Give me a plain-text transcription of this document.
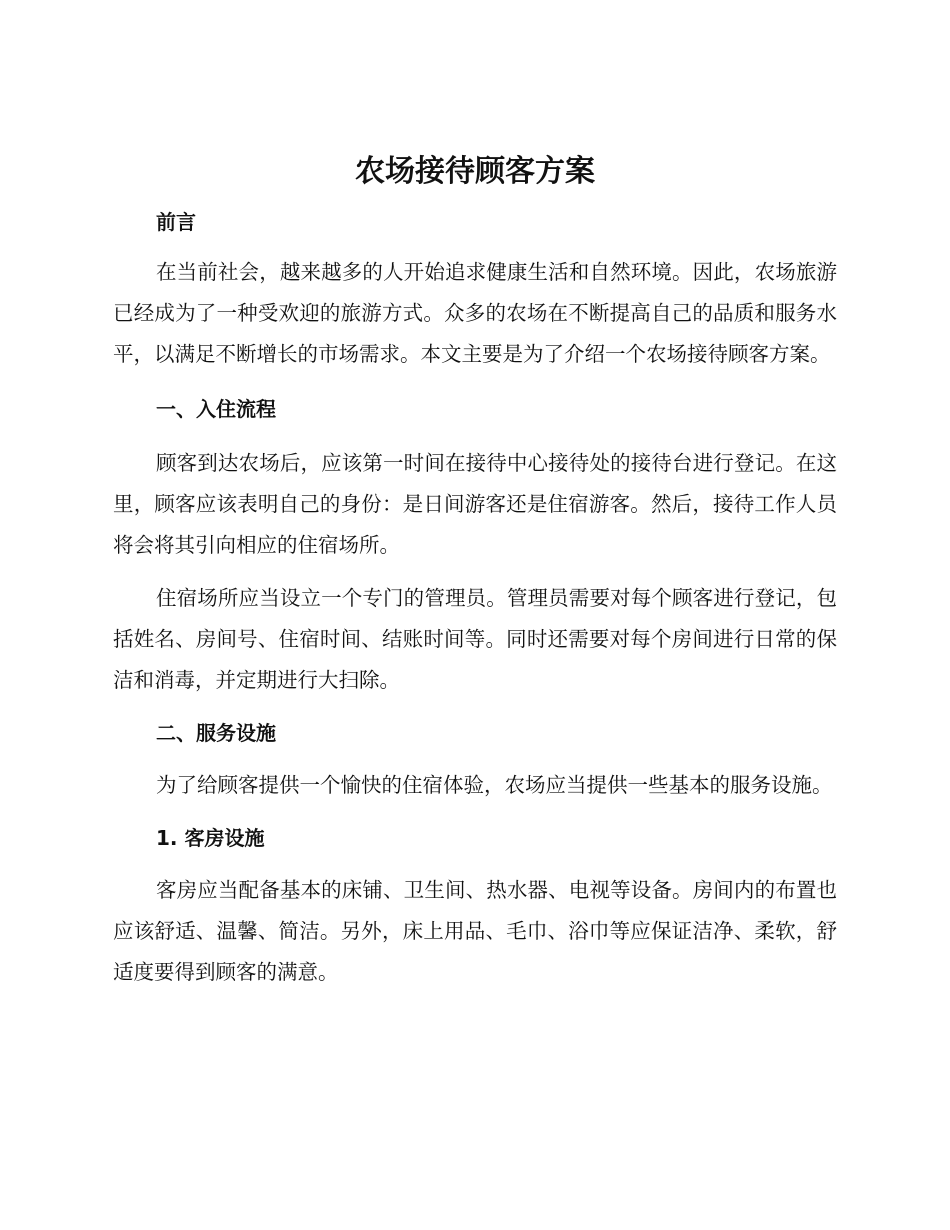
农场接待顾客方案
前言

在当前社会，越来越多的人开始追求健康生活和自然环境。因此，农场旅游已经成为了一种受欢迎的旅游方式。众多的农场在不断提高自己的品质和服务水平，以满足不断增长的市场需求。本文主要是为了介绍一个农场接待顾客方案。

一、入住流程

顾客到达农场后，应该第一时间在接待中心接待处的接待台进行登记。在这里，顾客应该表明自己的身份：是日间游客还是住宿游客。然后，接待工作人员将会将其引向相应的住宿场所。

住宿场所应当设立一个专门的管理员。管理员需要对每个顾客进行登记，包括姓名、房间号、住宿时间、结账时间等。同时还需要对每个房间进行日常的保洁和消毒，并定期进行大扫除。

二、服务设施

为了给顾客提供一个愉快的住宿体验，农场应当提供一些基本的服务设施。

1. 客房设施

客房应当配备基本的床铺、卫生间、热水器、电视等设备。房间内的布置也应该舒适、温馨、简洁。另外，床上用品、毛巾、浴巾等应保证洁净、柔软，舒适度要得到顾客的满意。
